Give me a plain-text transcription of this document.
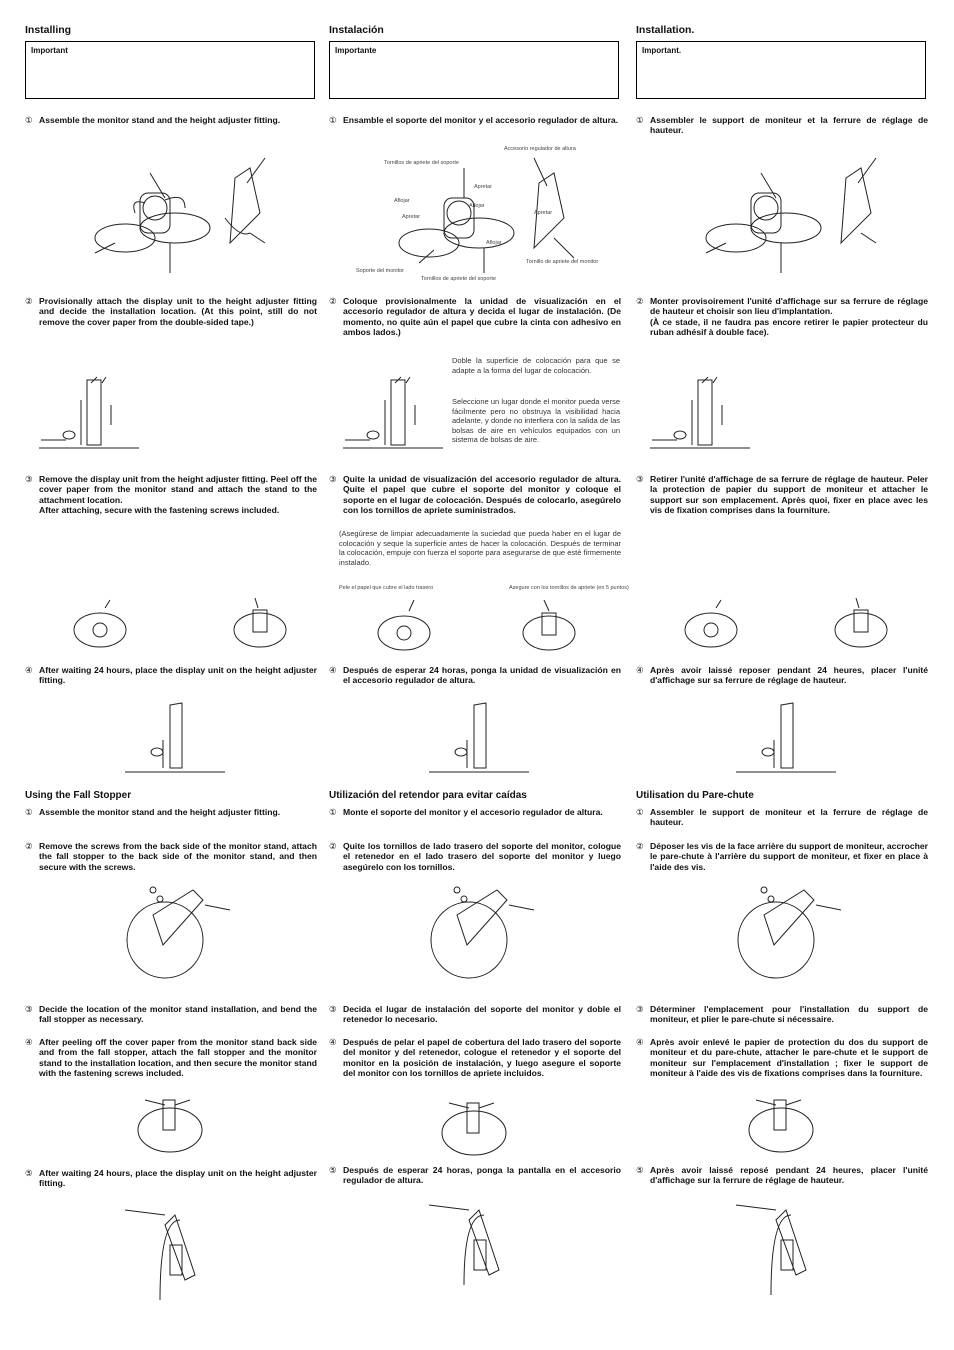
Installing
Important
① Assemble the monitor stand and the height adjuster fitting.
② Provisionally attach the display unit to the height adjuster fitting and decide the installation location. (At this point, still do not remove the cover paper from the double-sided tape.)
③ Remove the display unit from the height adjuster fitting. Peel off the cover paper from the monitor stand and attach the stand to the attachment location.
After attaching, secure with the fastening screws included.
④ After waiting 24 hours, place the display unit on the height adjuster fitting.
Using the Fall Stopper
① Assemble the monitor stand and the height adjuster fitting.
② Remove the screws from the back side of the monitor stand, attach the fall stopper to the back side of the monitor stand, and then secure with the screws.
③ Decide the location of the monitor stand installation, and bend the fall stopper as necessary.
④ After peeling off the cover paper from the monitor stand back side and from the fall stopper, attach the fall stopper and the monitor stand to the installation location, and then secure the monitor stand with the fastening screws included.
⑤ After waiting 24 hours, place the display unit on the height adjuster fitting.
Instalación
Importante
① Ensamble el soporte del monitor y el accesorio regulador de altura.
Accesorio regulador de altura
Tornillos de apriete del soporte
Apretar
Aflojar
Aflojar
Apretar
Apretar
Aflojar
Soporte del monitor
Tornillo de apriete del monitor
Tornillos de apriete del soporte
② Coloque provisionalmente la unidad de visualización en el accesorio regulador de altura y decida el lugar de instalación. (De momento, no quite aún el papel que cubre la cinta con adhesivo en ambos lados.)
Doble la superficie de colocación para que se adapte a la forma del lugar de colocación.
Seleccione un lugar donde el monitor pueda verse fácilmente pero no obstruya la visibilidad hacia adelante, y donde no interfiera con la salida de las bolsas de aire en vehículos equipados con un sistema de bolsas de aire.
③ Quite la unidad de visualización del accesorio regulador de altura. Quite el papel que cubre el soporte del monitor y coloque el soporte en el lugar de colocación. Después de colocarlo, asegúrelo con los tornillos de apriete suministrados.
(Asegúrese de limpiar adecuadamente la suciedad que pueda haber en el lugar de colocación y seque la superficie antes de hacer la colocación. Después de terminar la colocación, empuje con fuerza el soporte para asegurarse de que esté firmemente instalado.
Pele el papel que cubre el lado trasero	Asegure con los tornillos de apriete (en 5 puntos)
④ Después de esperar 24 horas, ponga la unidad de visualización en el accesorio regulador de altura.
Utilización del retendor para evitar caídas
① Monte el soporte del monitor y el accesorio regulador de altura.
② Quite los tornillos de lado trasero del soporte del monitor, cologue el retenedor en el lado trasero del soporte del monitor y luego asegúrelo con los tornillos.
③ Decida el lugar de instalación del soporte del monitor y doble el retenedor lo necesario.
④ Después de pelar el papel de cobertura del lado trasero del soporte del monitor y del retenedor, cologue el retenedor y el soporte del monitor en la posición de instalación, y luego asegure el soporte del monitor con los tornillos de apriete incluidos.
⑤ Después de esperar 24 horas, ponga la pantalla en el accesorio regulador de altura.
Installation.
Important.
① Assembler le support de moniteur et la ferrure de réglage de hauteur.
② Monter provisoirement l'unité d'affichage sur sa ferrure de réglage de hauteur et choisir son lieu d'implantation.
(À ce stade, il ne faudra pas encore retirer le papier protecteur du ruban adhésif à double face).
③ Retirer l'unité d'affichage de sa ferrure de réglage de hauteur. Peler la protection de papier du support de moniteur et attacher le support sur son emplacement. Après quoi, fixer en place avec les vis de fixation comprises dans la fourniture.
④ Après avoir laissé reposer pendant 24 heures, placer l'unité d'affichage sur sa ferrure de réglage de hauteur.
Utilisation du Pare-chute
① Assembler le support de moniteur et la ferrure de réglage de hauteur.
② Déposer les vis de la face arrière du support de moniteur, accrocher le pare-chute à l'arrière du support de moniteur, et fixer en place à l'aide des vis.
③ Déterminer l'emplacement pour l'installation du support de moniteur, et plier le pare-chute si nécessaire.
④ Après avoir enlevé le papier de protection du dos du support de moniteur et du pare-chute, attacher le pare-chute et le support de moniteur sur l'emplacement d'installation ; fixer le support de moniteur à l'aide des vis de fixations comprises dans la fourniture.
⑤ Après avoir laissé reposé pendant 24 heures, placer l'unité d'affichage sur la ferrure de réglage de hauteur.
